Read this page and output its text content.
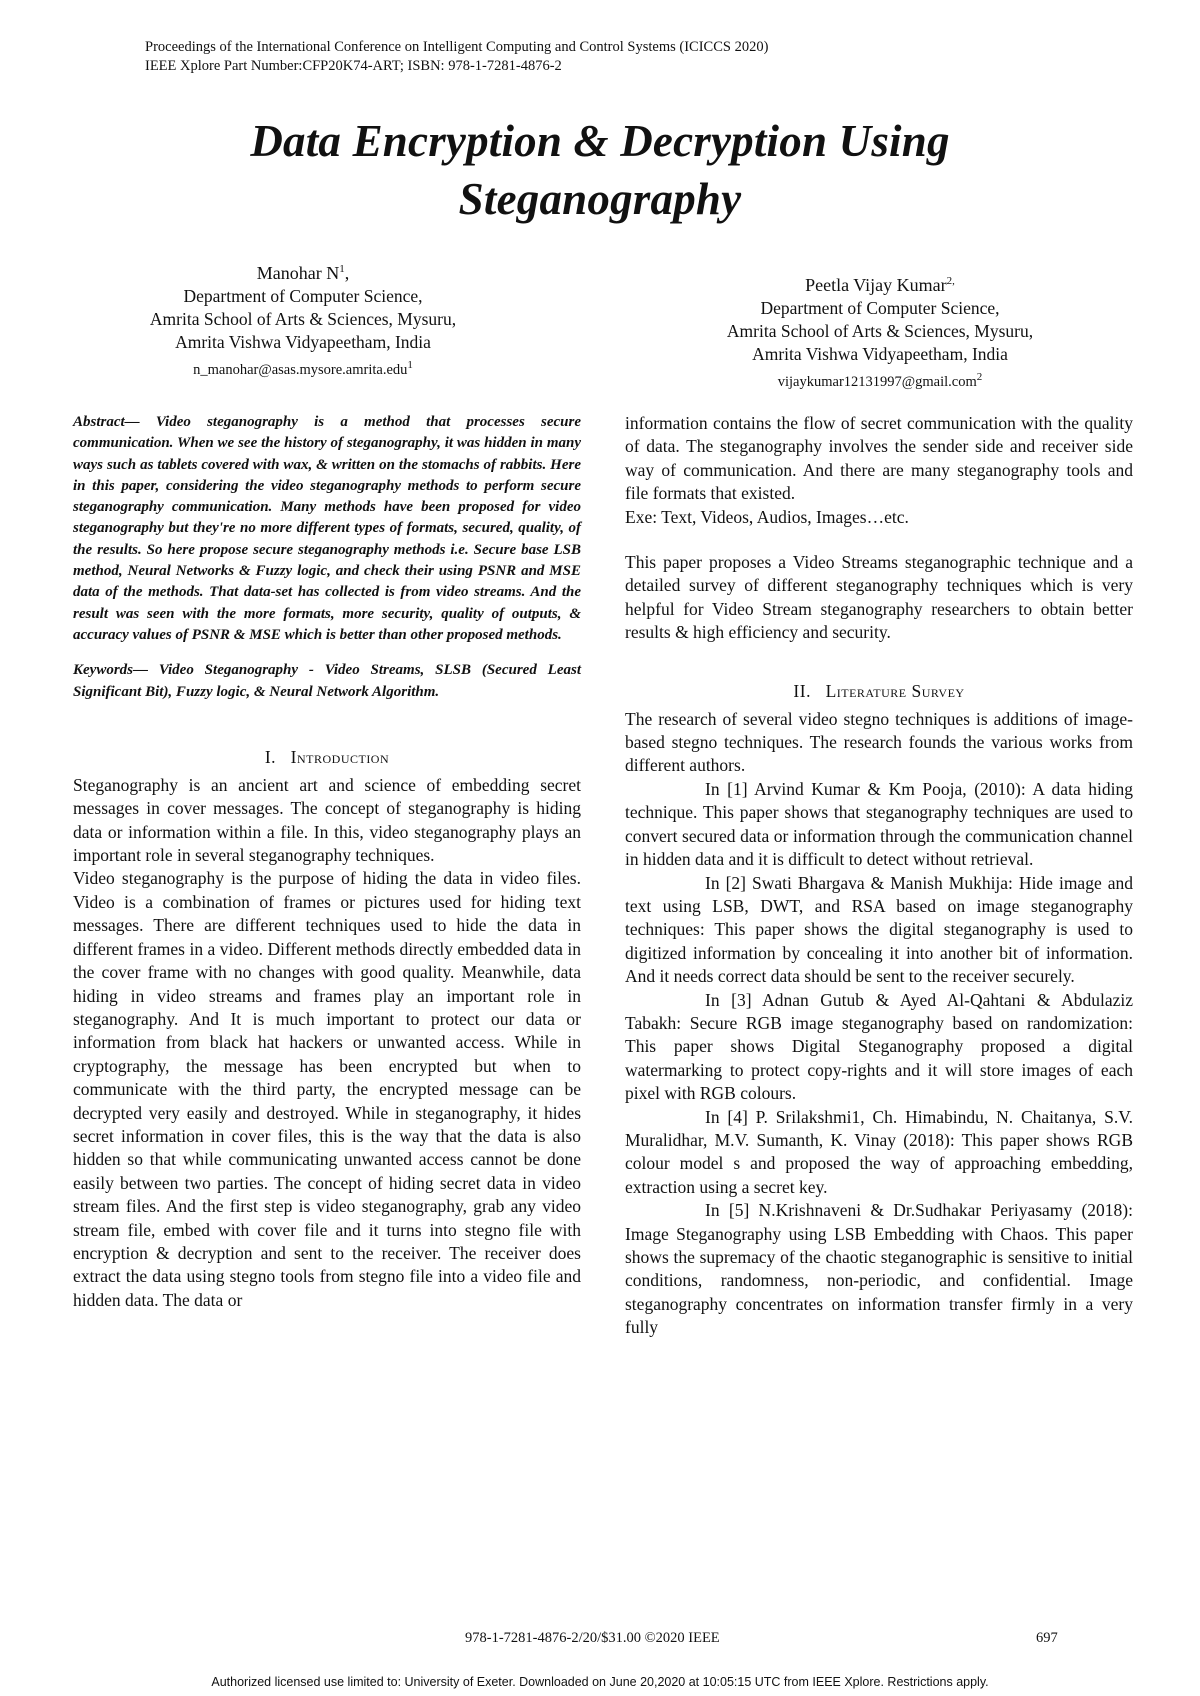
Proceedings of the International Conference on Intelligent Computing and Control Systems (ICICCS 2020)
IEEE Xplore Part Number:CFP20K74-ART; ISBN: 978-1-7281-4876-2
Data Encryption & Decryption Using
Steganography
Manohar $N^1$,
Department of Computer Science,
Amrita School of Arts & Sciences, Mysuru,
Amrita Vishwa Vidyapeetham, India
n_manohar@asas.mysore.amrita.edu$^1$
Peetla Vijay Kumar$^{2,}$
Department of Computer Science,
Amrita School of Arts & Sciences, Mysuru,
Amrita Vishwa Vidyapeetham, India
vijaykumar12131997@gmail.com$^2$

Abstract— Video steganography is a method that processes secure communication. When we see the history of steganography, it was hidden in many ways such as tablets covered with wax, & written on the stomachs of rabbits. Here in this paper, considering the video steganography methods to perform secure steganography communication. Many methods have been proposed for video steganography but they're no more different types of formats, secured, quality, of the results. So here propose secure steganography methods i.e. Secure base LSB method, Neural Networks & Fuzzy logic, and check their using PSNR and MSE data of the methods. That data-set has collected is from video streams. And the result was seen with the more formats, more security, quality of outputs, & accuracy values of PSNR & MSE which is better than other proposed methods.

Keywords— Video Steganography - Video Streams, SLSB (Secured Least Significant Bit), Fuzzy logic, & Neural Network Algorithm.

I. Introduction

Steganography is an ancient art and science of embedding secret messages in cover messages. The concept of steganography is hiding data or information within a file. In this, video steganography plays an important role in several steganography techniques.

Video steganography is the purpose of hiding the data in video files. Video is a combination of frames or pictures used for hiding text messages. There are different techniques used to hide the data in different frames in a video. Different methods directly embedded data in the cover frame with no changes with good quality. Meanwhile, data hiding in video streams and frames play an important role in steganography. And It is much important to protect our data or information from black hat hackers or unwanted access. While in cryptography, the message has been encrypted but when to communicate with the third party, the encrypted message can be decrypted very easily and destroyed. While in steganography, it hides secret information in cover files, this is the way that the data is also hidden so that while communicating unwanted access cannot be done easily between two parties. The concept of hiding secret data in video stream files. And the first step is video steganography, grab any video stream file, embed with cover file and it turns into stegno file with encryption & decryption and sent to the receiver. The receiver does extract the data using stegno tools from stegno file into a video file and hidden data. The data or

information contains the flow of secret communication with the quality of data. The steganography involves the sender side and receiver side way of communication. And there are many steganography tools and file formats that existed.

Exe: Text, Videos, Audios, Images…etc.

This paper proposes a Video Streams steganographic technique and a detailed survey of different steganography techniques which is very helpful for Video Stream steganography researchers to obtain better results & high efficiency and security.

II. Literature Survey

The research of several video stegno techniques is additions of image-based stegno techniques. The research founds the various works from different authors.

In [1] Arvind Kumar & Km Pooja, (2010): A data hiding technique. This paper shows that steganography techniques are used to convert secured data or information through the communication channel in hidden data and it is difficult to detect without retrieval.

In [2] Swati Bhargava & Manish Mukhija: Hide image and text using LSB, DWT, and RSA based on image steganography techniques: This paper shows the digital steganography is used to digitized information by concealing it into another bit of information. And it needs correct data should be sent to the receiver securely.

In [3] Adnan Gutub & Ayed Al-Qahtani & Abdulaziz Tabakh: Secure RGB image steganography based on randomization: This paper shows Digital Steganography proposed a digital watermarking to protect copy-rights and it will store images of each pixel with RGB colours.

In [4] P. Srilakshmi1, Ch. Himabindu, N. Chaitanya, S.V. Muralidhar, M.V. Sumanth, K. Vinay (2018): This paper shows RGB colour model s and proposed the way of approaching embedding, extraction using a secret key.

In [5] N.Krishnaveni & Dr.Sudhakar Periyasamy (2018): Image Steganography using LSB Embedding with Chaos. This paper shows the supremacy of the chaotic steganographic is sensitive to initial conditions, randomness, non-periodic, and confidential. Image steganography concentrates on information transfer firmly in a very fully

978-1-7281-4876-2/20/$31.00 ©2020 IEEE	697
Authorized licensed use limited to: University of Exeter. Downloaded on June 20,2020 at 10:05:15 UTC from IEEE Xplore. Restrictions apply.
